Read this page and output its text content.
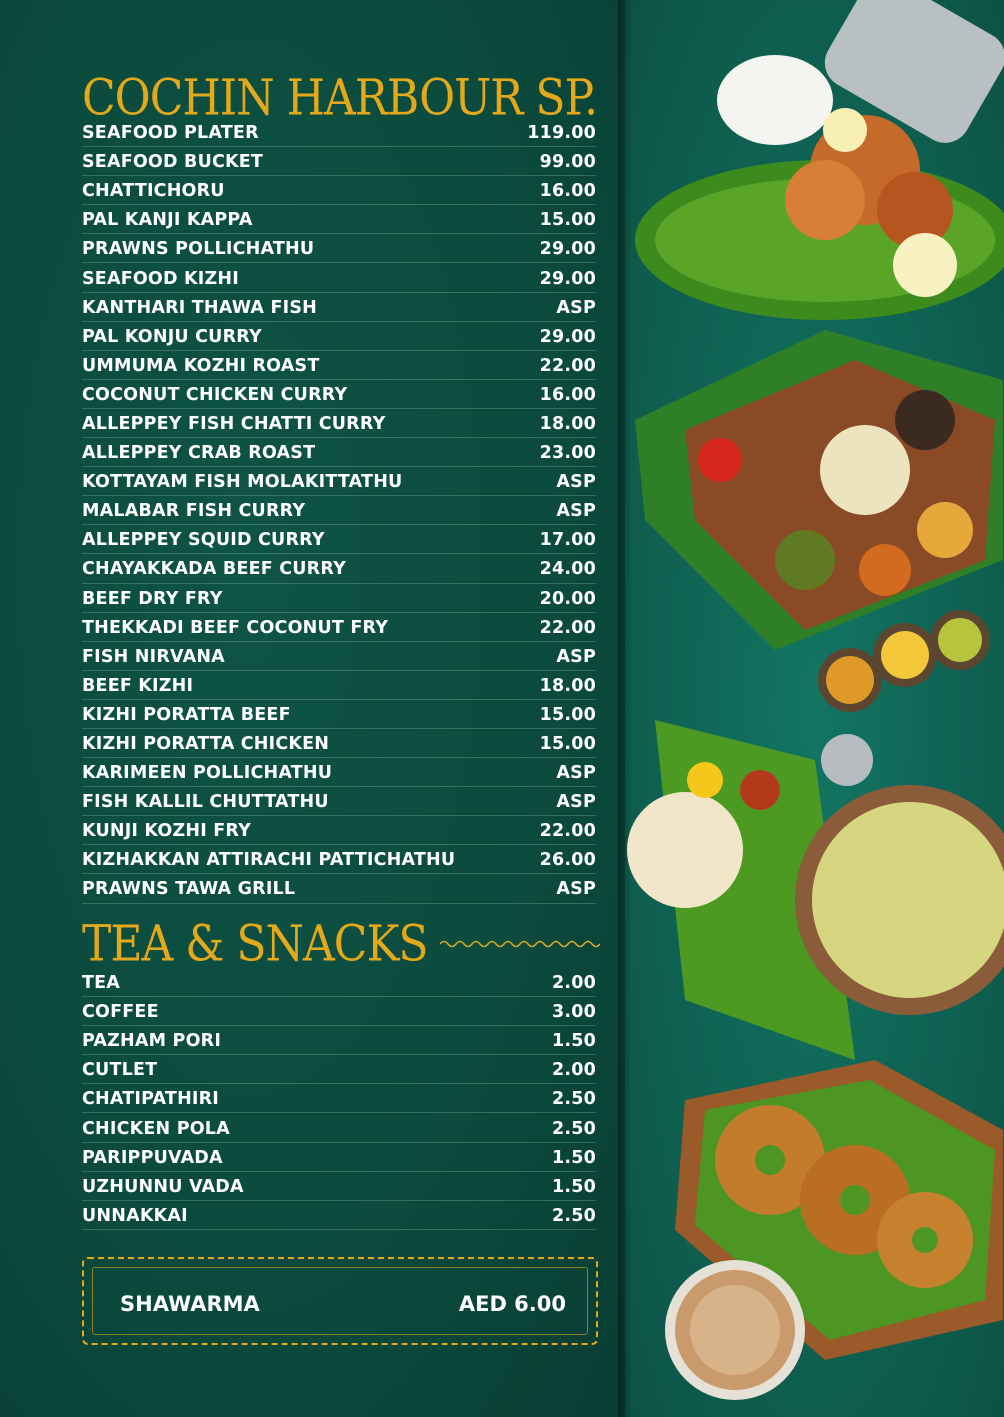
COCHIN HARBOUR SP.
SEAFOOD PLATER	119.00
SEAFOOD BUCKET	99.00
CHATTICHORU	16.00
PAL KANJI KAPPA	15.00
PRAWNS POLLICHATHU	29.00
SEAFOOD KIZHI	29.00
KANTHARI THAWA FISH	ASP
PAL KONJU CURRY	29.00
UMMUMA KOZHI ROAST	22.00
COCONUT CHICKEN CURRY	16.00
ALLEPPEY FISH CHATTI CURRY	18.00
ALLEPPEY CRAB ROAST	23.00
KOTTAYAM FISH MOLAKITTATHU	ASP
MALABAR FISH CURRY	ASP
ALLEPPEY SQUID CURRY	17.00
CHAYAKKADA BEEF CURRY	24.00
BEEF DRY FRY	20.00
THEKKADI BEEF COCONUT FRY	22.00
FISH NIRVANA	ASP
BEEF KIZHI	18.00
KIZHI PORATTA BEEF	15.00
KIZHI PORATTA CHICKEN	15.00
KARIMEEN POLLICHATHU	ASP
FISH KALLIL CHUTTATHU	ASP
KUNJI KOZHI FRY	22.00
KIZHAKKAN ATTIRACHI PATTICHATHU	26.00
PRAWNS TAWA GRILL	ASP
TEA & SNACKS
TEA	2.00
COFFEE	3.00
PAZHAM PORI	1.50
CUTLET	2.00
CHATIPATHIRI	2.50
CHICKEN POLA	2.50
PARIPPUVADA	1.50
UZHUNNU VADA	1.50
UNNAKKAI	2.50
SHAWARMA	AED 6.00
